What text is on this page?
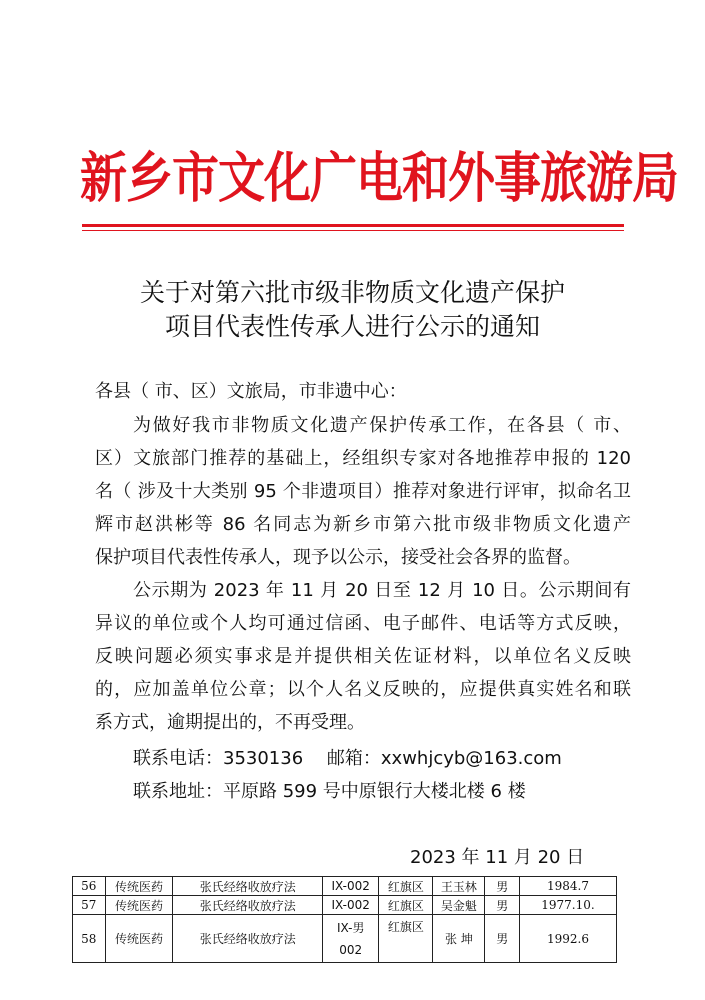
新乡市文化广电和外事旅游局
关于对第六批市级非物质文化遗产保护
项目代表性传承人进行公示的通知
各县（ 市、区）文旅局，市非遗中心：
为做好我市非物质文化遗产保护传承工作，在各县（ 市、
区）文旅部门推荐的基础上，经组织专家对各地推荐申报的 120
名（ 涉及十大类别 95 个非遗项目）推荐对象进行评审，拟命名卫
辉市赵洪彬等 86 名同志为新乡市第六批市级非物质文化遗产
保护项目代表性传承人，现予以公示，接受社会各界的监督。
公示期为 2023 年 11 月 20 日至 12 月 10 日。公示期间有
异议的单位或个人均可通过信函、电子邮件、电话等方式反映，
反映问题必须实事求是并提供相关佐证材料，以单位名义反映
的，应加盖单位公章；以个人名义反映的，应提供真实姓名和联
系方式，逾期提出的，不再受理。
联系电话：3530136　 邮箱：xxwhjcyb@163.com
联系地址：平原路 599 号中原银行大楼北楼 6 楼
2023 年 11 月 20 日
56	传统医药	张氏经络收放疗法	IX-002	红旗区	王玉林	男	1984.7
57	传统医药	张氏经络收放疗法	IX-002	红旗区	吴金魁	男	1977.10.
58	传统医药	张氏经络收放疗法	IX-男
002	红旗区	张 坤	男	1992.6
